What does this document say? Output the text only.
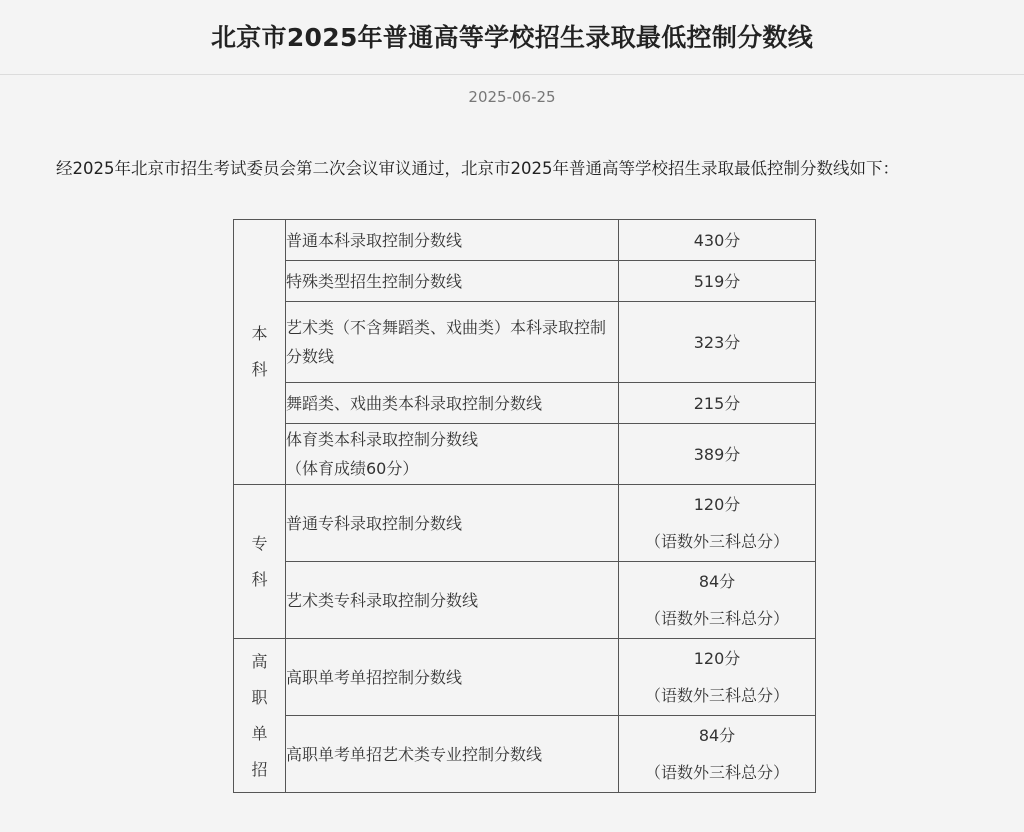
北京市2025年普通高等学校招生录取最低控制分数线
2025-06-25
经2025年北京市招生考试委员会第二次会议审议通过，北京市2025年普通高等学校招生录取最低控制分数线如下：
本
科	普通本科录取控制分数线	430分
	特殊类型招生控制分数线	519分
	艺术类（不含舞蹈类、戏曲类）本科录取控制分数线	323分
	舞蹈类、戏曲类本科录取控制分数线	215分

	体育类本科录取控制分数线
（体育成绩60分）	389分

专
科	普通专科录取控制分数线	120分
（语数外三科总分）

	艺术类专科录取控制分数线	84分
（语数外三科总分）

高
职
单
招	高职单考单招控制分数线	120分
（语数外三科总分）

	高职单考单招艺术类专业控制分数线	84分
（语数外三科总分）
